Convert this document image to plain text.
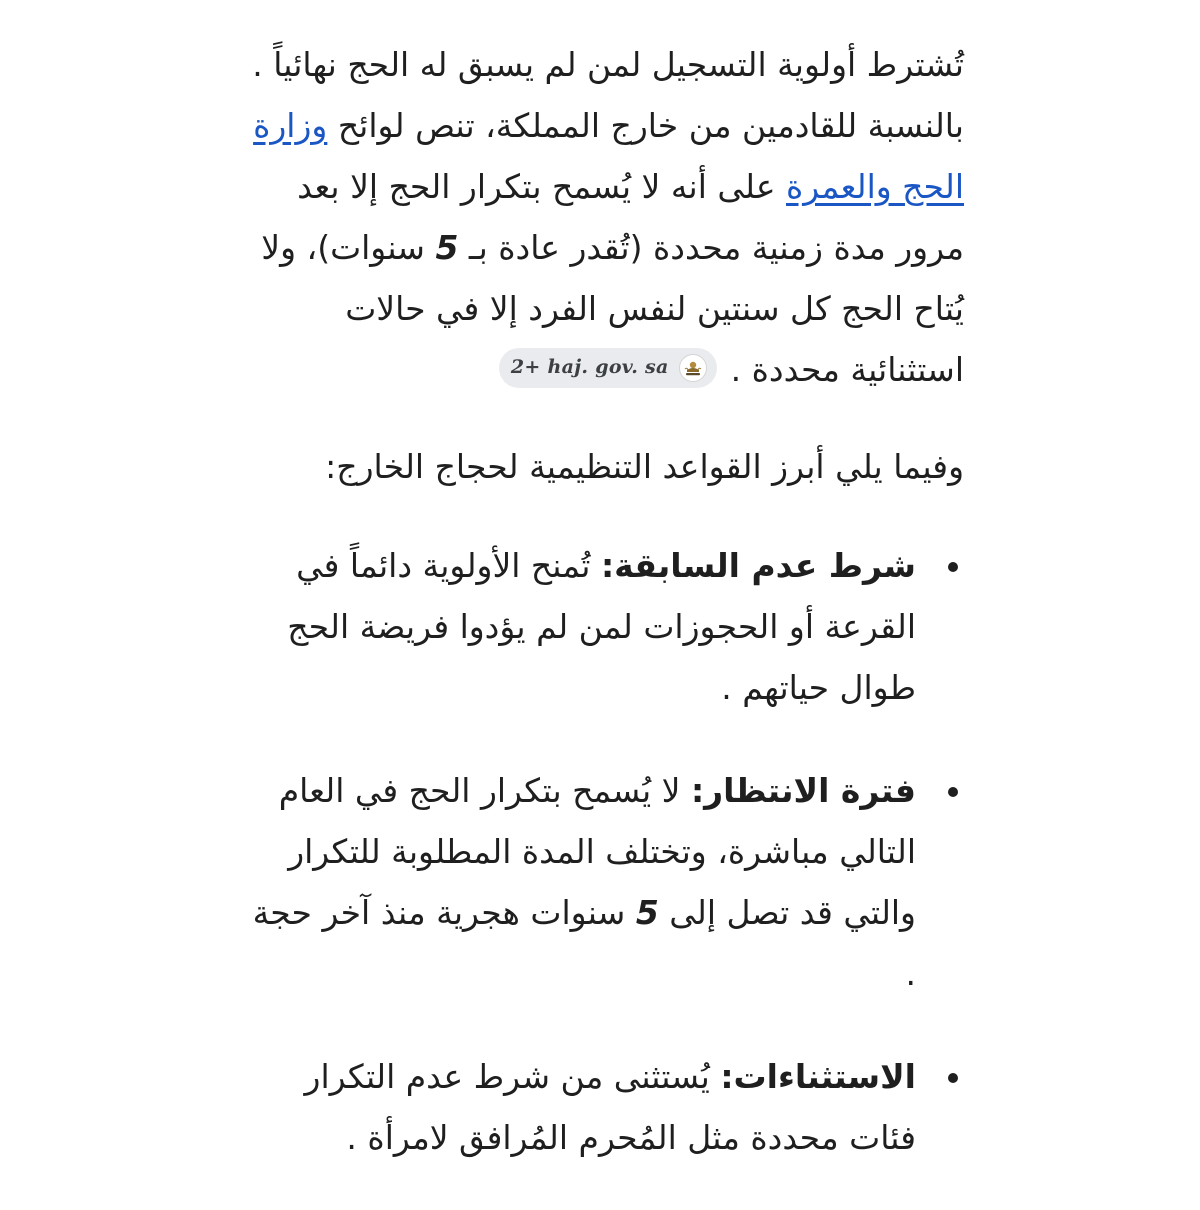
تُشترط أولوية التسجيل لمن لم يسبق له الحج نهائياً . بالنسبة للقادمين من خارج المملكة، تنص لوائح وزارة الحج والعمرة على أنه لا يُسمح بتكرار الحج إلا بعد مرور مدة زمنية محددة (تُقدر عادة بـ 5 سنوات)، ولا يُتاح الحج كل سنتين لنفس الفرد إلا في حالات استثنائية محددة .
2+ haj. gov. sa

وفيما يلي أبرز القواعد التنظيمية لحجاج الخارج:

شرط عدم السابقة: تُمنح الأولوية دائماً في القرعة أو الحجوزات لمن لم يؤدوا فريضة الحج طوال حياتهم .
فترة الانتظار: لا يُسمح بتكرار الحج في العام التالي مباشرة، وتختلف المدة المطلوبة للتكرار والتي قد تصل إلى 5 سنوات هجرية منذ آخر حجة .
الاستثناءات: يُستثنى من شرط عدم التكرار فئات محددة مثل المُحرم المُرافق لامرأة .
